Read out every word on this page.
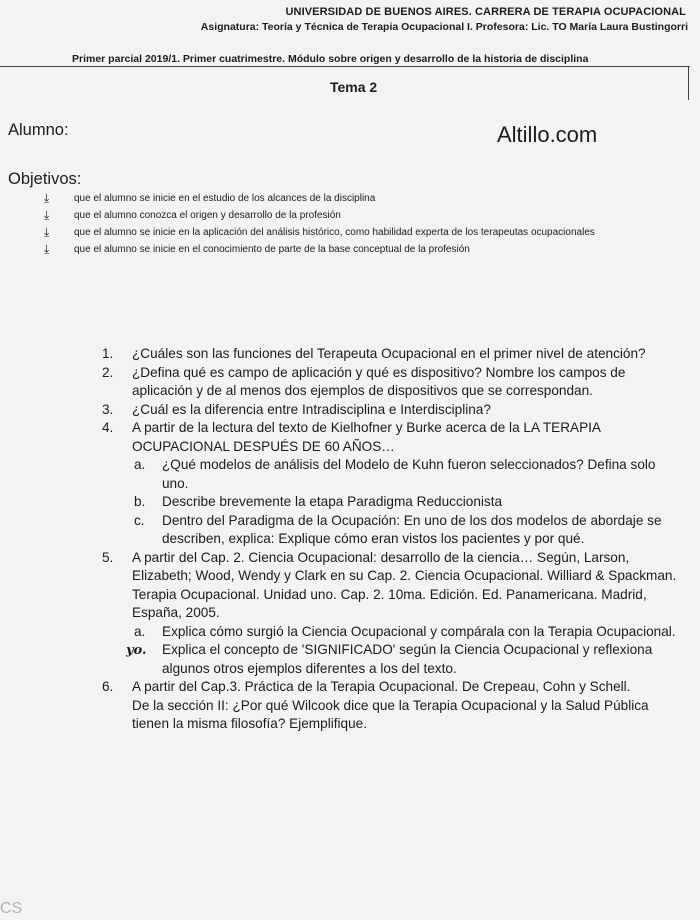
UNIVERSIDAD DE BUENOS AIRES. CARRERA DE TERAPIA OCUPACIONAL
Asignatura: Teoría y Técnica de Terapia Ocupacional I. Profesora: Lic. TO María Laura Bustingorri
Primer parcial 2019/1. Primer cuatrimestre. Módulo sobre origen y desarrollo de la historia de disciplina
Tema 2
Alumno:	Altillo.com
Objetivos:
⤓ que el alumno se inicie en el estudio de los alcances de la disciplina
⤓ que el alumno conozca el origen y desarrollo de la profesión
⤓ que el alumno se inicie en la aplicación del análisis histórico, como habilidad experta de los terapeutas ocupacionales
⤓ que el alumno se inicie en el conocimiento de parte de la base conceptual de la profesión
1. ¿Cuáles son las funciones del Terapeuta Ocupacional en el primer nivel de atención?
2. ¿Defina qué es campo de aplicación y qué es dispositivo? Nombre los campos de aplicación y de al menos dos ejemplos de dispositivos que se correspondan.
3. ¿Cuál es la diferencia entre Intradisciplina e Interdisciplina?
4. A partir de la lectura del texto de Kielhofner y Burke acerca de la LA TERAPIA OCUPACIONAL DESPUÉS DE 60 AÑOS…
a. ¿Qué modelos de análisis del Modelo de Kuhn fueron seleccionados? Defina solo uno.
b. Describe brevemente la etapa Paradigma Reduccionista
c. Dentro del Paradigma de la Ocupación: En uno de los dos modelos de abordaje se describen, explica: Explique cómo eran vistos los pacientes y por qué.
5. A partir del Cap. 2. Ciencia Ocupacional: desarrollo de la ciencia… Según, Larson, Elizabeth; Wood, Wendy y Clark en su Cap. 2. Ciencia Ocupacional. Williard & Spackman. Terapia Ocupacional. Unidad uno. Cap. 2. 10ma. Edición. Ed. Panamericana. Madrid, España, 2005.
a. Explica cómo surgió la Ciencia Ocupacional y compárala con la Terapia Ocupacional.
yo. Explica el concepto de 'SIGNIFICADO' según la Ciencia Ocupacional y reflexiona algunos otros ejemplos diferentes a los del texto.
6. A partir del Cap.3. Práctica de la Terapia Ocupacional. De Crepeau, Cohn y Schell.
De la sección II: ¿Por qué Wilcook dice que la Terapia Ocupacional y la Salud Pública tienen la misma filosofía? Ejemplifique.
CS
